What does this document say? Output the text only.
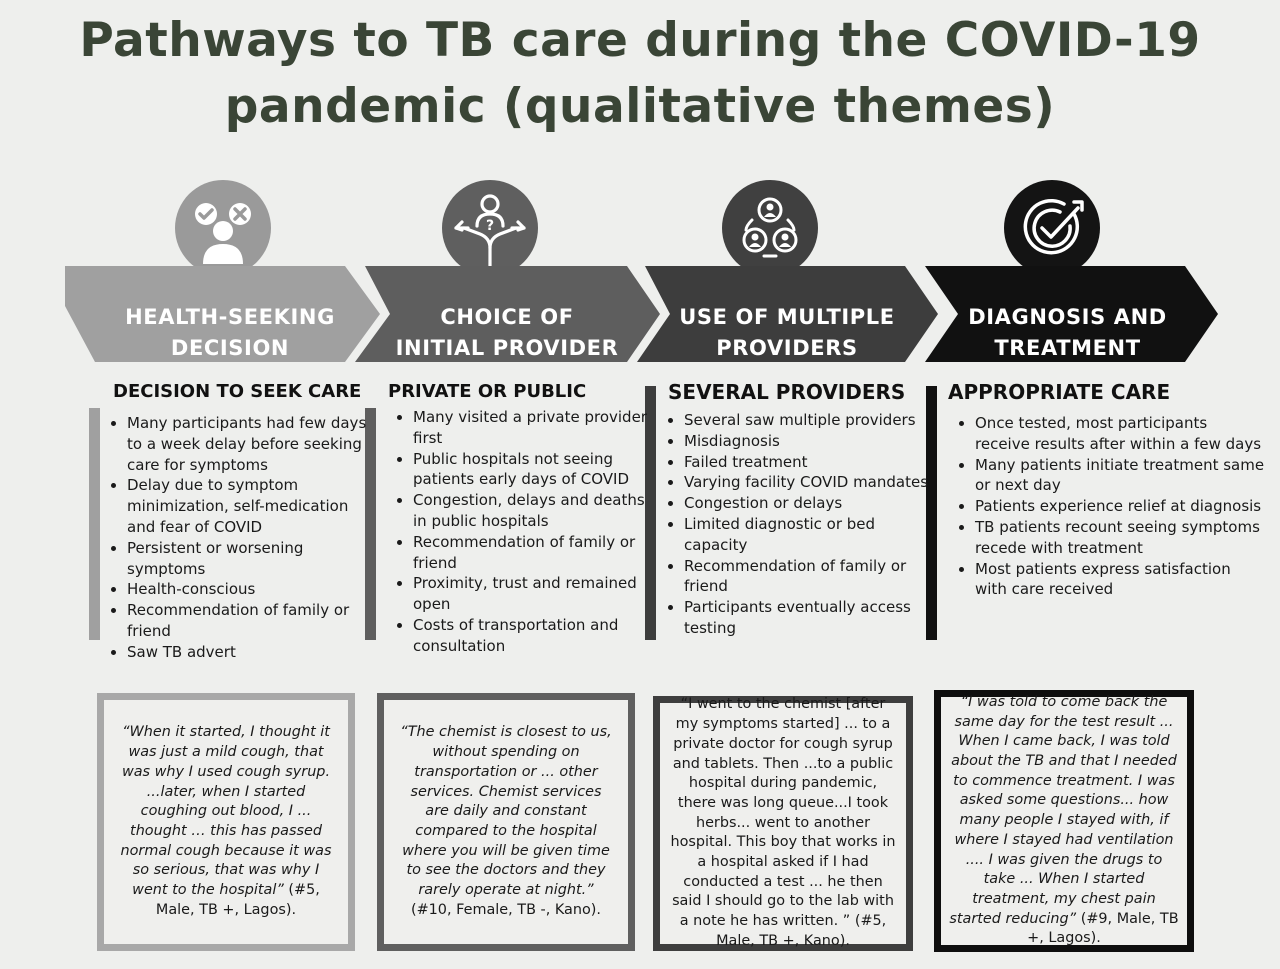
Pathways to TB care during the COVID-19
pandemic (qualitative themes)
?
HEALTH-SEEKING
DECISION
CHOICE OF
INITIAL PROVIDER
USE OF MULTIPLE
PROVIDERS
DIAGNOSIS AND
TREATMENT
DECISION TO SEEK CARE PRIVATE OR PUBLIC	SEVERAL PROVIDERS APPROPRIATE CARE
• Many participants had few days to a week delay before seeking care for symptoms
• Delay due to symptom minimization, self-medication and fear of COVID
• Persistent or worsening symptoms
• Health-conscious
• Recommendation of family or friend
• Saw TB advert
• Many visited a private provider first
• Public hospitals not seeing patients early days of COVID
• Congestion, delays and deaths in public hospitals
• Recommendation of family or friend
• Proximity, trust and remained open
• Costs of transportation and consultation
• Several saw multiple providers
• Misdiagnosis
• Failed treatment
• Varying facility COVID mandates
• Congestion or delays
• Limited diagnostic or bed capacity
• Recommendation of family or friend
• Participants eventually access testing
• Once tested, most participants receive results after within a few days
• Many patients initiate treatment same or next day
• Patients experience relief at diagnosis
• TB patients recount seeing symptoms recede with treatment
• Most patients express satisfaction with care received

“When it started, I thought it was just a mild cough, that was why I used cough syrup. ...later, when I started coughing out blood, I ... thought … this has passed normal cough because it was so serious, that was why I went to the hospital” (#5, Male, TB +, Lagos).

“The chemist is closest to us, without spending on transportation or ... other services. Chemist services are daily and constant compared to the hospital where you will be given time to see the doctors and they rarely operate at night.” (#10, Female, TB -, Kano).

“I went to the chemist [after my symptoms started] ... to a private doctor for cough syrup and tablets. Then ...to a public hospital during pandemic, there was long queue...I took herbs... went to another hospital. This boy that works in a hospital asked if I had conducted a test ... he then said I should go to the lab with a note he has written. ” (#5, Male, TB +, Kano).

“I was told to come back the same day for the test result ... When I came back, I was told about the TB and that I needed to commence treatment. I was asked some questions... how many people I stayed with, if where I stayed had ventilation .... I was given the drugs to take ... When I started treatment, my chest pain started reducing” (#9, Male, TB +, Lagos).
